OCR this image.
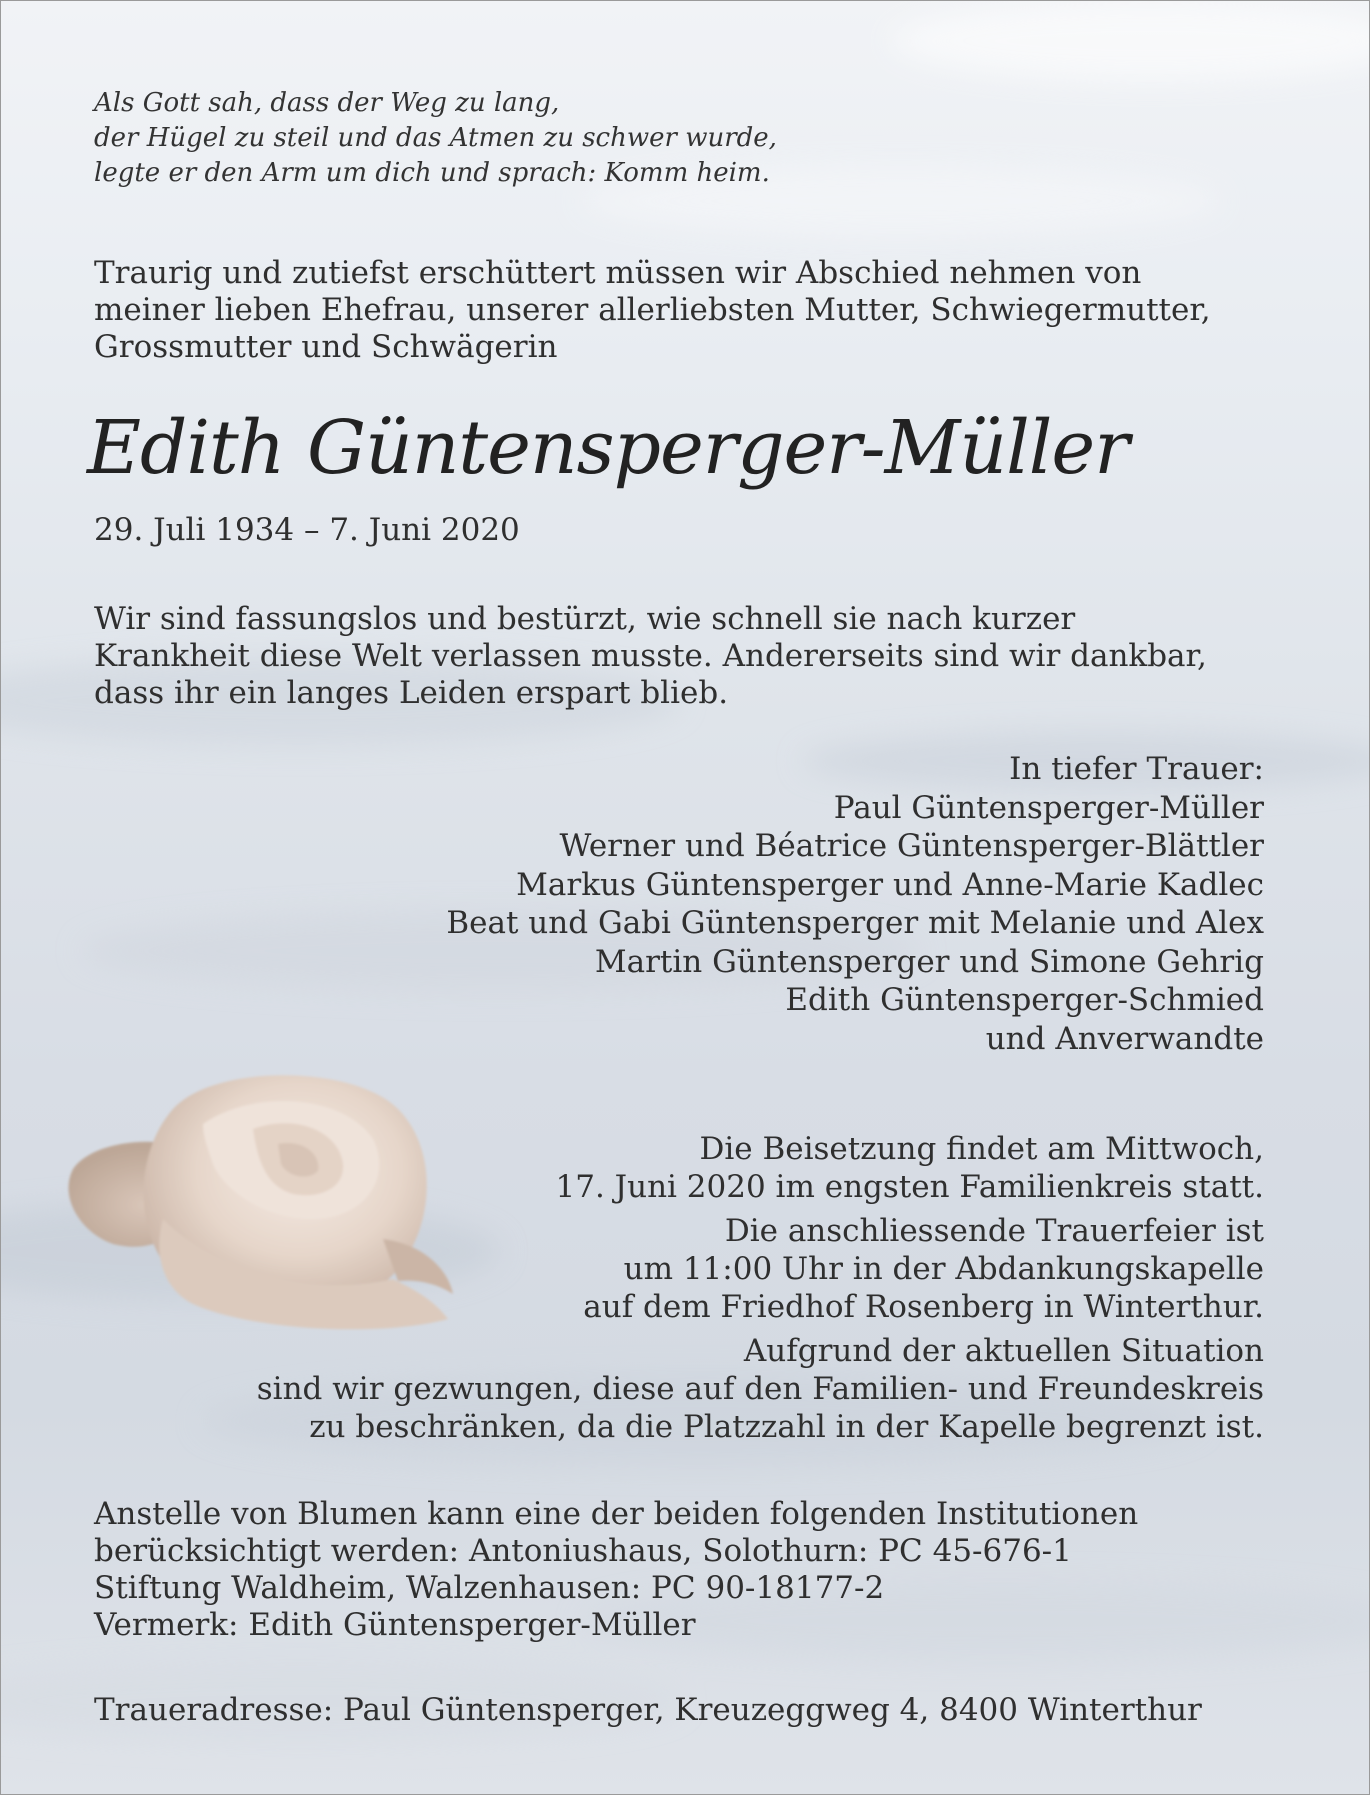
Als Gott sah, dass der Weg zu lang,
der Hügel zu steil und das Atmen zu schwer wurde,
legte er den Arm um dich und sprach: Komm heim.
Traurig und zutiefst erschüttert müssen wir Abschied nehmen von
meiner lieben Ehefrau, unserer allerliebsten Mutter, Schwiegermutter,
Grossmutter und Schwägerin
Edith Güntensperger-Müller
29. Juli 1934 – 7. Juni 2020
Wir sind fassungslos und bestürzt, wie schnell sie nach kurzer
Krankheit diese Welt verlassen musste. Andererseits sind wir dankbar,
dass ihr ein langes Leiden erspart blieb.
In tiefer Trauer:
Paul Güntensperger-Müller
Werner und Béatrice Güntensperger-Blättler
Markus Güntensperger und Anne-Marie Kadlec
Beat und Gabi Güntensperger mit Melanie und Alex
Martin Güntensperger und Simone Gehrig
Edith Güntensperger-Schmied
und Anverwandte
Die Beisetzung findet am Mittwoch,
17. Juni 2020 im engsten Familienkreis statt.
Die anschliessende Trauerfeier ist
um 11:00 Uhr in der Abdankungskapelle
auf dem Friedhof Rosenberg in Winterthur.
Aufgrund der aktuellen Situation
sind wir gezwungen, diese auf den Familien- und Freundeskreis
zu beschränken, da die Platzzahl in der Kapelle begrenzt ist.
Anstelle von Blumen kann eine der beiden folgenden Institutionen
berücksichtigt werden: Antoniushaus, Solothurn: PC 45-676-1
Stiftung Waldheim, Walzenhausen: PC 90-18177-2
Vermerk: Edith Güntensperger-Müller
Traueradresse: Paul Güntensperger, Kreuzeggweg 4, 8400 Winterthur
